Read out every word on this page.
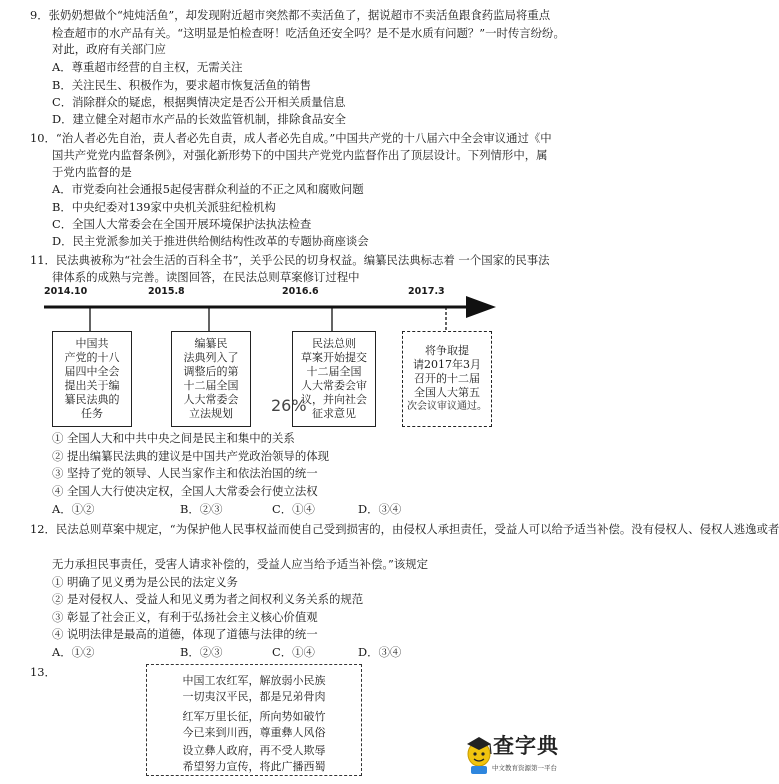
9．张奶奶想做个“炖炖活鱼”，却发现附近超市突然都不卖活鱼了，据说超市不卖活鱼跟食药监局将重点
检查超市的水产品有关。“这明显是怕检查呀！吃活鱼还安全吗？是不是水质有问题？”一时传言纷纷。
对此，政府有关部门应
A．尊重超市经营的自主权，无需关注
B．关注民生、积极作为，要求超市恢复活鱼的销售
C．消除群众的疑虑，根据舆情决定是否公开相关质量信息
D．建立健全对超市水产品的长效监管机制，排除食品安全
10．“治人者必先自治，责人者必先自责，成人者必先自成。”中国共产党的十八届六中全会审议通过《中
国共产党党内监督条例》，对强化新形势下的中国共产党党内监督作出了顶层设计。下列情形中，属
于党内监督的是
A．市党委向社会通报5起侵害群众利益的不正之风和腐败问题
B．中央纪委对139家中央机关派驻纪检机构
C．全国人大常委会在全国开展环境保护法执法检查
D．民主党派参加关于推进供给侧结构性改革的专题协商座谈会
11．民法典被称为“社会生活的百科全书”，关乎公民的切身权益。编纂民法典标志着 一个国家的民事法
律体系的成熟与完善。读图回答，在民法总则草案修订过程中
2014.10	2015.8	2016.6	2017.3
中国共
产党的十八
届四中全会
提出关于编
纂民法典的
任务
编纂民
法典列入了
调整后的第
十二届全国
人大常委会
立法规划
民法总则
草案开始提交
十二届全国
人大常委会审
议，并向社会
征求意见
将争取提
请2017年3月
召开的十二届
全国人大第五
次会议审议通过。
26%
① 全国人大和中共中央之间是民主和集中的关系
② 提出编纂民法典的建议是中国共产党政治领导的体现
③ 坚持了党的领导、人民当家作主和依法治国的统一
④ 全国人大行使决定权，全国人大常委会行使立法权
A．①②	B．②③	C．①④	D．③④
12．民法总则草案中规定，“为保护他人民事权益而使自己受到损害的，由侵权人承担责任，受益人可以给予适当补偿。没有侵权人、侵权人逃逸或者
无力承担民事责任，受害人请求补偿的，受益人应当给予适当补偿。”该规定
① 明确了见义勇为是公民的法定义务
② 是对侵权人、受益人和见义勇为者之间权利义务关系的规范
③ 彰显了社会正义，有利于弘扬社会主义核心价值观
④ 说明法律是最高的道德，体现了道德与法律的统一
A．①②	B．②③	C．①④	D．③④
13．
中国工农红军，解放弱小民族
一切夷汉平民，都是兄弟骨肉
红军万里长征，所向势如破竹
今已来到川西，尊重彝人风俗
设立彝人政府，再不受人欺辱
希望努力宣传，将此广播西蜀
查字典
中文教育资源第一平台
